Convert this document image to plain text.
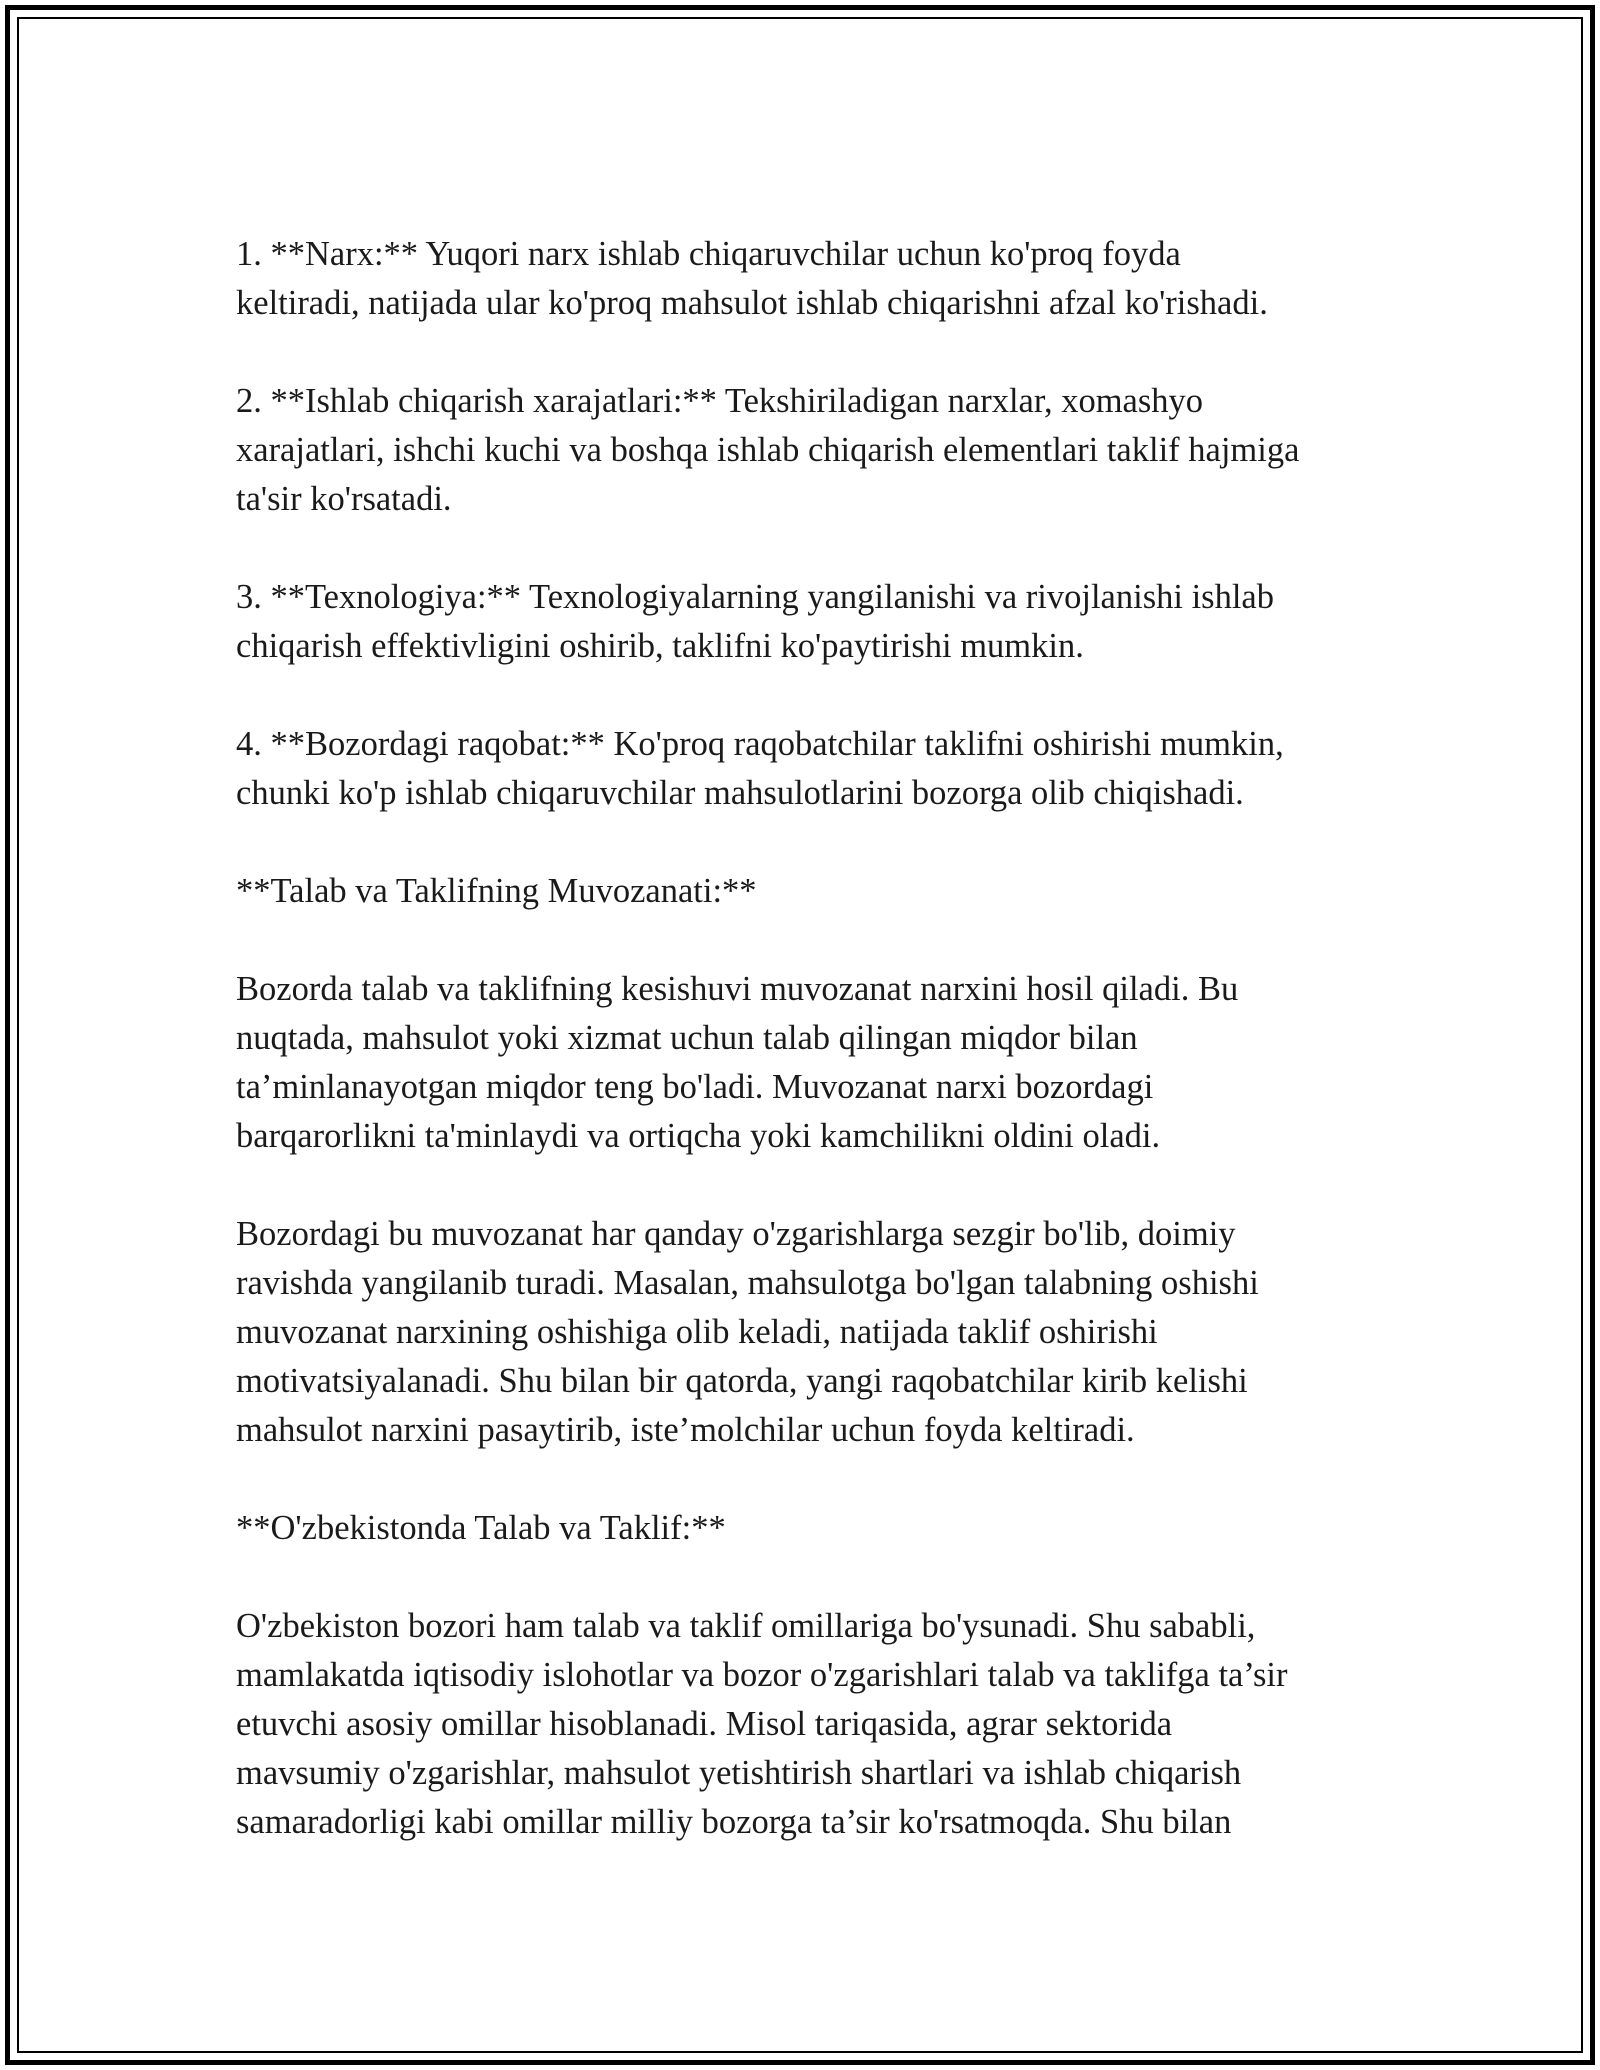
1. **Narx:** Yuqori narx ishlab chiqaruvchilar uchun ko'proq foyda
keltiradi, natijada ular ko'proq mahsulot ishlab chiqarishni afzal ko'rishadi.

2. **Ishlab chiqarish xarajatlari:** Tekshiriladigan narxlar, xomashyo
xarajatlari, ishchi kuchi va boshqa ishlab chiqarish elementlari taklif hajmiga
ta'sir ko'rsatadi.

3. **Texnologiya:** Texnologiyalarning yangilanishi va rivojlanishi ishlab
chiqarish effektivligini oshirib, taklifni ko'paytirishi mumkin.

4. **Bozordagi raqobat:** Ko'proq raqobatchilar taklifni oshirishi mumkin,
chunki ko'p ishlab chiqaruvchilar mahsulotlarini bozorga olib chiqishadi.

**Talab va Taklifning Muvozanati:**

Bozorda talab va taklifning kesishuvi muvozanat narxini hosil qiladi. Bu
nuqtada, mahsulot yoki xizmat uchun talab qilingan miqdor bilan
ta’minlanayotgan miqdor teng bo'ladi. Muvozanat narxi bozordagi
barqarorlikni ta'minlaydi va ortiqcha yoki kamchilikni oldini oladi.

Bozordagi bu muvozanat har qanday o'zgarishlarga sezgir bo'lib, doimiy
ravishda yangilanib turadi. Masalan, mahsulotga bo'lgan talabning oshishi
muvozanat narxining oshishiga olib keladi, natijada taklif oshirishi
motivatsiyalanadi. Shu bilan bir qatorda, yangi raqobatchilar kirib kelishi
mahsulot narxini pasaytirib, iste’molchilar uchun foyda keltiradi.

**O'zbekistonda Talab va Taklif:**

O'zbekiston bozori ham talab va taklif omillariga bo'ysunadi. Shu sababli,
mamlakatda iqtisodiy islohotlar va bozor o'zgarishlari talab va taklifga ta’sir
etuvchi asosiy omillar hisoblanadi. Misol tariqasida, agrar sektorida
mavsumiy o'zgarishlar, mahsulot yetishtirish shartlari va ishlab chiqarish
samaradorligi kabi omillar milliy bozorga ta’sir ko'rsatmoqda. Shu bilan
